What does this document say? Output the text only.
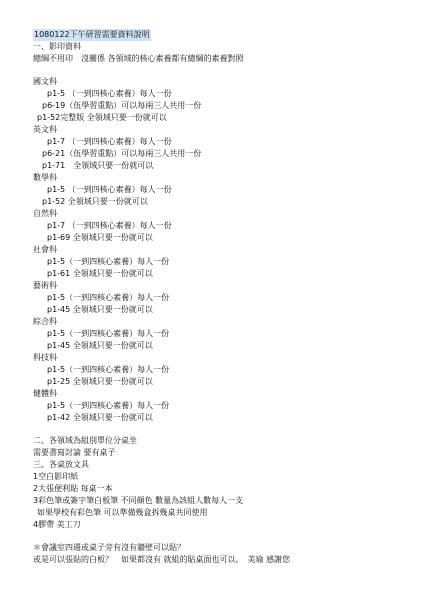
1080122下午研習需要資料說明
一、影印資料
總綱不用印　沒關係 各領域的核心素養都有總綱的素養對照
國文科
p1-5 （一到四核心素養）每人一份
p6-19（伍學習重點）可以每兩三人共用一份
p1-52完整版 全領域只要一份就可以
英文科
p1-7 （一到四核心素養）每人一份
p6-21（伍學習重點）可以每兩三人共用一份
p1-71　全領域只要一份就可以
數學科
p1-5 （一到四核心素養）每人一份
p1-52 全領域只要一份就可以
自然科
p1-7 （一到四核心素養）每人一份
p1-69 全領域只要一份就可以
社會科
p1-5（一到四核心素養）每人一份
p1-61 全領域只要一份就可以
藝術科
p1-5（一到四核心素養）每人一份
p1-45 全領域只要一份就可以
綜合科
p1-5（一到四核心素養）每人一份
p1-45 全領域只要一份就可以
科技科
p1-5（一到四核心素養）每人一份
p1-25 全領域只要一份就可以
健體科
p1-5（一到四核心素養）每人一份
p1-42 全領域只要一份就可以
二、各領域為組別單位分桌坐
需要書寫討論 要有桌子
三、各桌放文具
1空白影印紙
2大張便利貼 每桌一本
3彩色筆或簽字筆白板筆 不同顏色 數量為該組人數每人一支
如果學校有彩色筆 可以準備幾盒拆幾桌共同使用
4膠帶 美工刀
＊會議室四週或桌子旁有沒有牆壁可以貼？
或是可以張貼的白板？　如果都沒有 就組的貼桌面也可以。　美瑜 感謝您
